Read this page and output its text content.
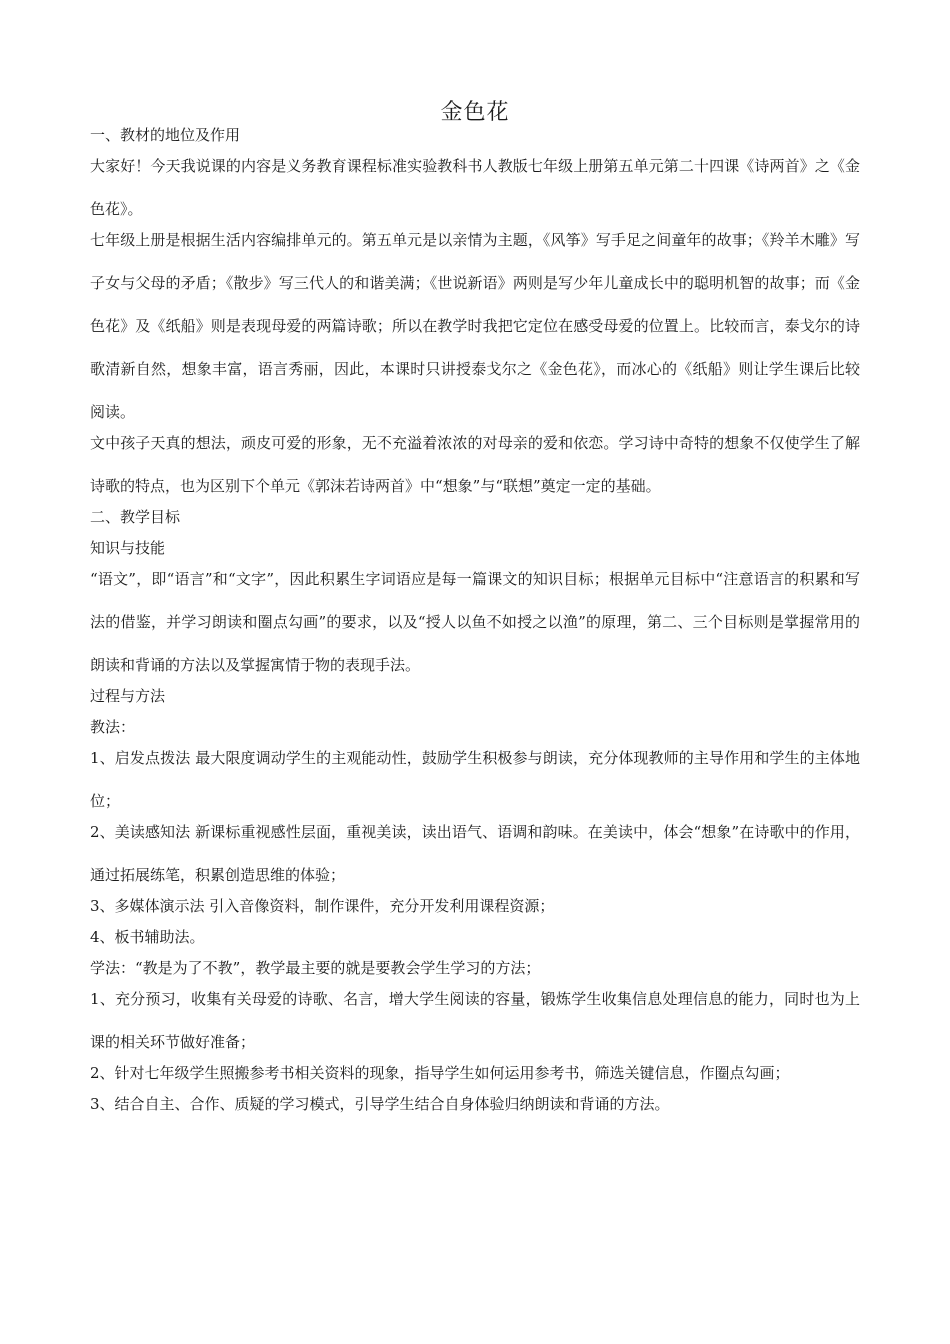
金色花

一、教材的地位及作用

大家好！今天我说课的内容是义务教育课程标准实验教科书人教版七年级上册第五单元第二十四课《诗两首》之《金色花》。

七年级上册是根据生活内容编排单元的。第五单元是以亲情为主题，《风筝》写手足之间童年的故事；《羚羊木雕》写子女与父母的矛盾；《散步》写三代人的和谐美满；《世说新语》两则是写少年儿童成长中的聪明机智的故事；而《金色花》及《纸船》则是表现母爱的两篇诗歌；所以在教学时我把它定位在感受母爱的位置上。比较而言，泰戈尔的诗歌清新自然，想象丰富，语言秀丽，因此，本课时只讲授泰戈尔之《金色花》，而冰心的《纸船》则让学生课后比较阅读。

文中孩子天真的想法，顽皮可爱的形象，无不充溢着浓浓的对母亲的爱和依恋。学习诗中奇特的想象不仅使学生了解诗歌的特点，也为区别下个单元《郭沫若诗两首》中“想象”与“联想”奠定一定的基础。

二、教学目标

知识与技能

“语文”，即“语言”和“文字”，因此积累生字词语应是每一篇课文的知识目标；根据单元目标中“注意语言的积累和写法的借鉴，并学习朗读和圈点勾画”的要求，以及“授人以鱼不如授之以渔”的原理，第二、三个目标则是掌握常用的朗读和背诵的方法以及掌握寓情于物的表现手法。

过程与方法

教法：

1、启发点拨法 最大限度调动学生的主观能动性，鼓励学生积极参与朗读，充分体现教师的主导作用和学生的主体地位；

2、美读感知法 新课标重视感性层面，重视美读，读出语气、语调和韵味。在美读中，体会“想象”在诗歌中的作用，通过拓展练笔，积累创造思维的体验；

3、多媒体演示法 引入音像资料，制作课件，充分开发利用课程资源；

4、板书辅助法。

学法：“教是为了不教”，教学最主要的就是要教会学生学习的方法；

1、充分预习，收集有关母爱的诗歌、名言，增大学生阅读的容量，锻炼学生收集信息处理信息的能力，同时也为上课的相关环节做好准备；

2、针对七年级学生照搬参考书相关资料的现象，指导学生如何运用参考书，筛选关键信息，作圈点勾画；

3、结合自主、合作、质疑的学习模式，引导学生结合自身体验归纳朗读和背诵的方法。
